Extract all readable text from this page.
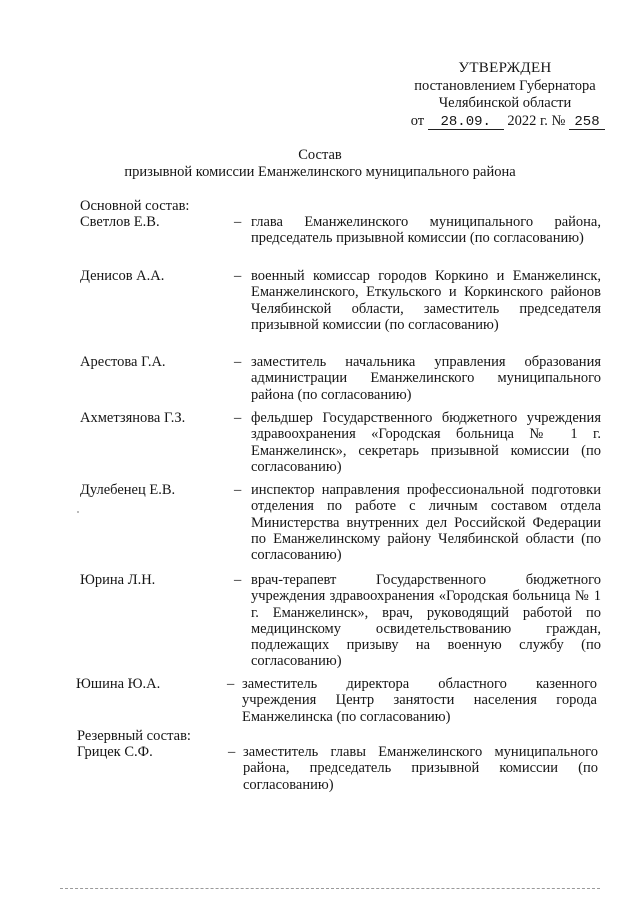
УТВЕРЖДЕН
постановлением Губернатора
Челябинской области
от 28.09. 2022 г. № 258
Состав
призывной комиссии Еманжелинского муниципального района
Основной состав:
Светлов Е.В.	– глава Еманжелинского муниципального района, председатель призывной комиссии (по согласованию)
Денисов А.А.	– военный комиссар городов Коркино и Еманжелинск, Еманжелинского, Еткульского и Коркинского районов Челябинской области, заместитель председателя призывной комиссии (по согласованию)
Арестова Г.А.	– заместитель начальника управления образования администрации Еманжелинского муниципального района (по согласованию)
Ахметзянова Г.З.	– фельдшер Государственного бюджетного учреждения здравоохранения «Городская больница № 1 г. Еманжелинск», секретарь призывной комиссии (по согласованию)
Дулебенец Е.В.	– инспектор направления профессиональной подготовки отделения по работе с личным составом отдела Министерства внутренних дел Российской Федерации по Еманжелинскому району Челябинской области (по согласованию)
Юрина Л.Н.	– врач-терапевт Государственного бюджетного учреждения здравоохранения «Городская больница № 1 г. Еманжелинск», врач, руководящий работой по медицинскому освидетельствованию граждан, подлежащих призыву на военную службу (по согласованию)
Юшина Ю.А.	– заместитель директора областного казенного учреждения Центр занятости населения города Еманжелинска (по согласованию)
Резервный состав:
Грицек С.Ф.	– заместитель главы Еманжелинского муниципального района, председатель призывной комиссии (по согласованию)
